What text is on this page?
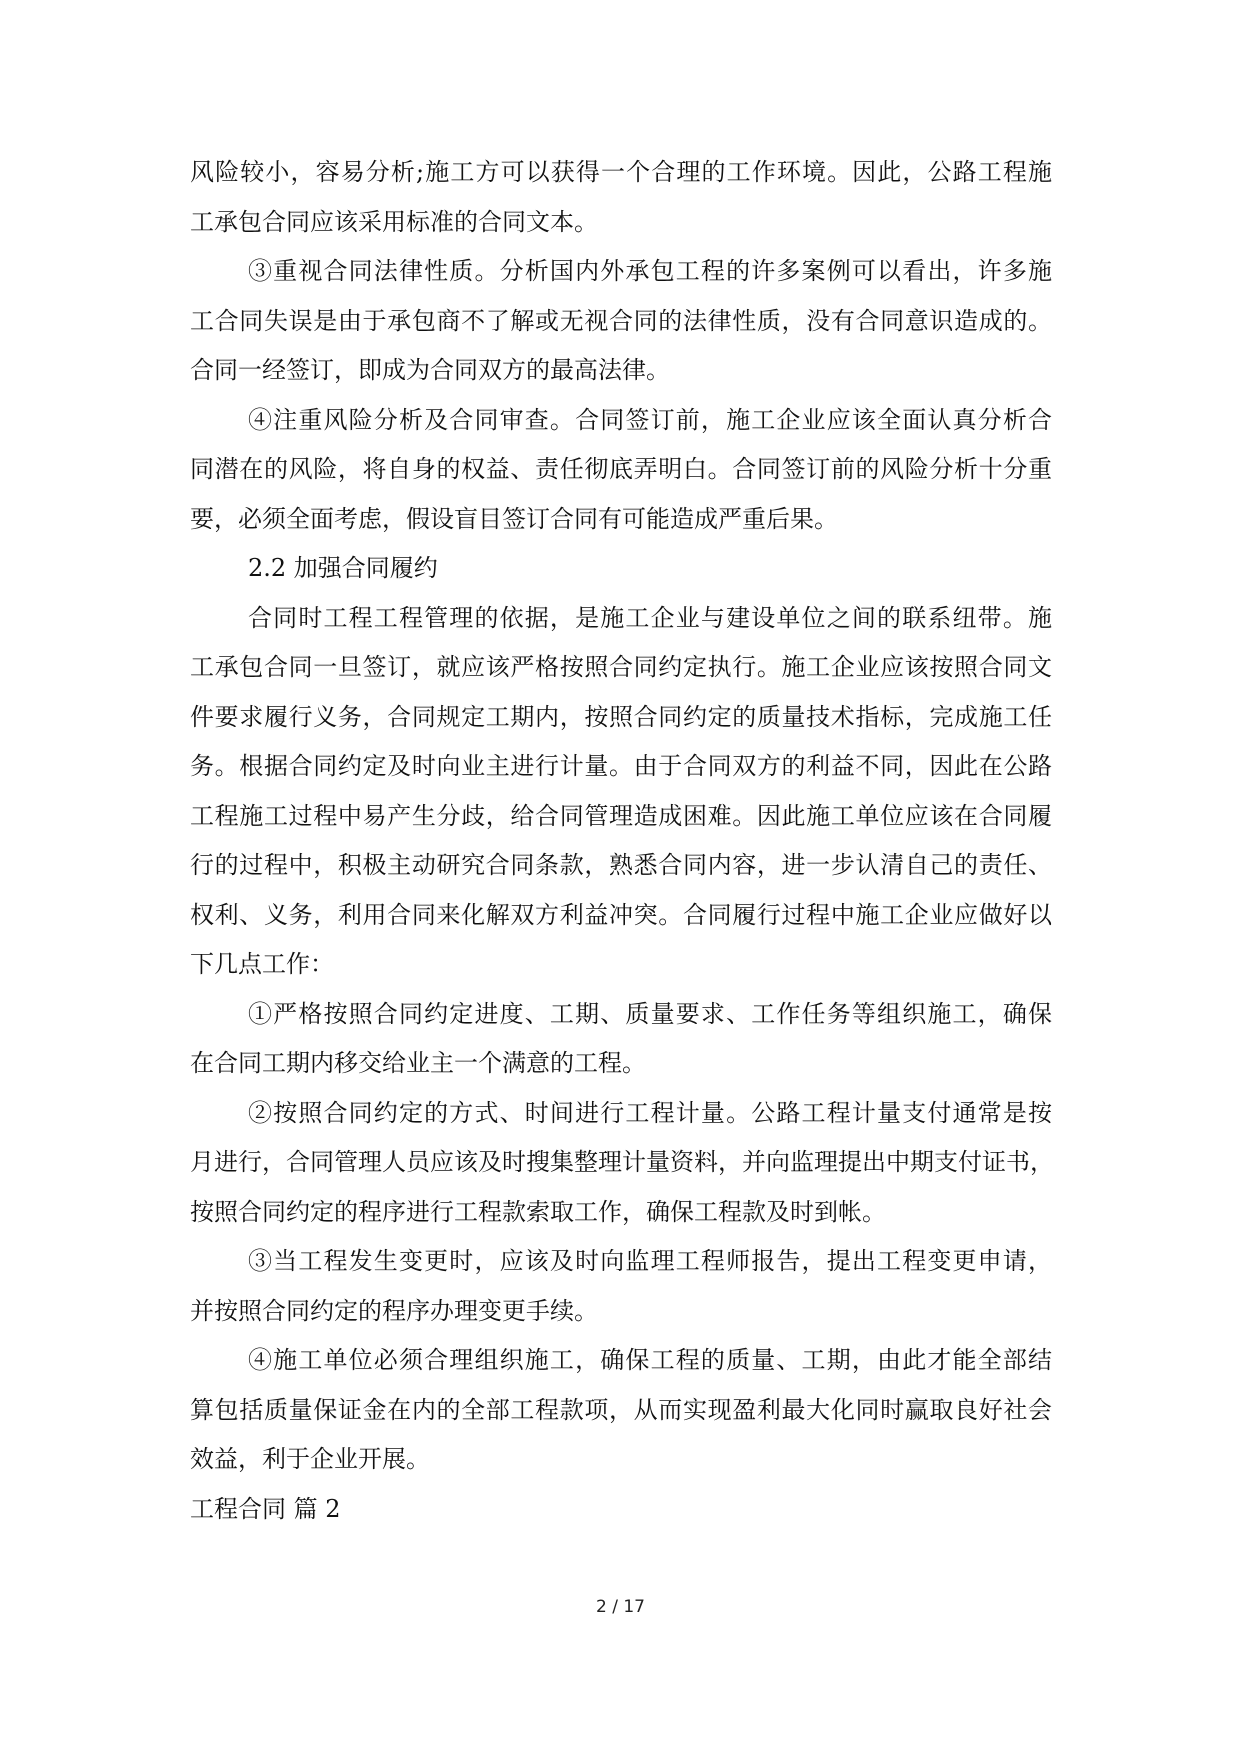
风险较小，容易分析;施工方可以获得一个合理的工作环境。因此，公路工程施
工承包合同应该采用标准的合同文本。
③重视合同法律性质。分析国内外承包工程的许多案例可以看出，许多施
工合同失误是由于承包商不了解或无视合同的法律性质，没有合同意识造成的。
合同一经签订，即成为合同双方的最高法律。
④注重风险分析及合同审查。合同签订前，施工企业应该全面认真分析合
同潜在的风险，将自身的权益、责任彻底弄明白。合同签订前的风险分析十分重
要，必须全面考虑，假设盲目签订合同有可能造成严重后果。
2.2 加强合同履约
合同时工程工程管理的依据，是施工企业与建设单位之间的联系纽带。施
工承包合同一旦签订，就应该严格按照合同约定执行。施工企业应该按照合同文
件要求履行义务，合同规定工期内，按照合同约定的质量技术指标，完成施工任
务。根据合同约定及时向业主进行计量。由于合同双方的利益不同，因此在公路
工程施工过程中易产生分歧，给合同管理造成困难。因此施工单位应该在合同履
行的过程中，积极主动研究合同条款，熟悉合同内容，进一步认清自己的责任、
权利、义务，利用合同来化解双方利益冲突。合同履行过程中施工企业应做好以
下几点工作：
①严格按照合同约定进度、工期、质量要求、工作任务等组织施工，确保
在合同工期内移交给业主一个满意的工程。
②按照合同约定的方式、时间进行工程计量。公路工程计量支付通常是按
月进行，合同管理人员应该及时搜集整理计量资料，并向监理提出中期支付证书，
按照合同约定的程序进行工程款索取工作，确保工程款及时到帐。
③当工程发生变更时，应该及时向监理工程师报告，提出工程变更申请，
并按照合同约定的程序办理变更手续。
④施工单位必须合理组织施工，确保工程的质量、工期，由此才能全部结
算包括质量保证金在内的全部工程款项，从而实现盈利最大化同时赢取良好社会
效益，利于企业开展。
工程合同 篇 2
2 / 17
